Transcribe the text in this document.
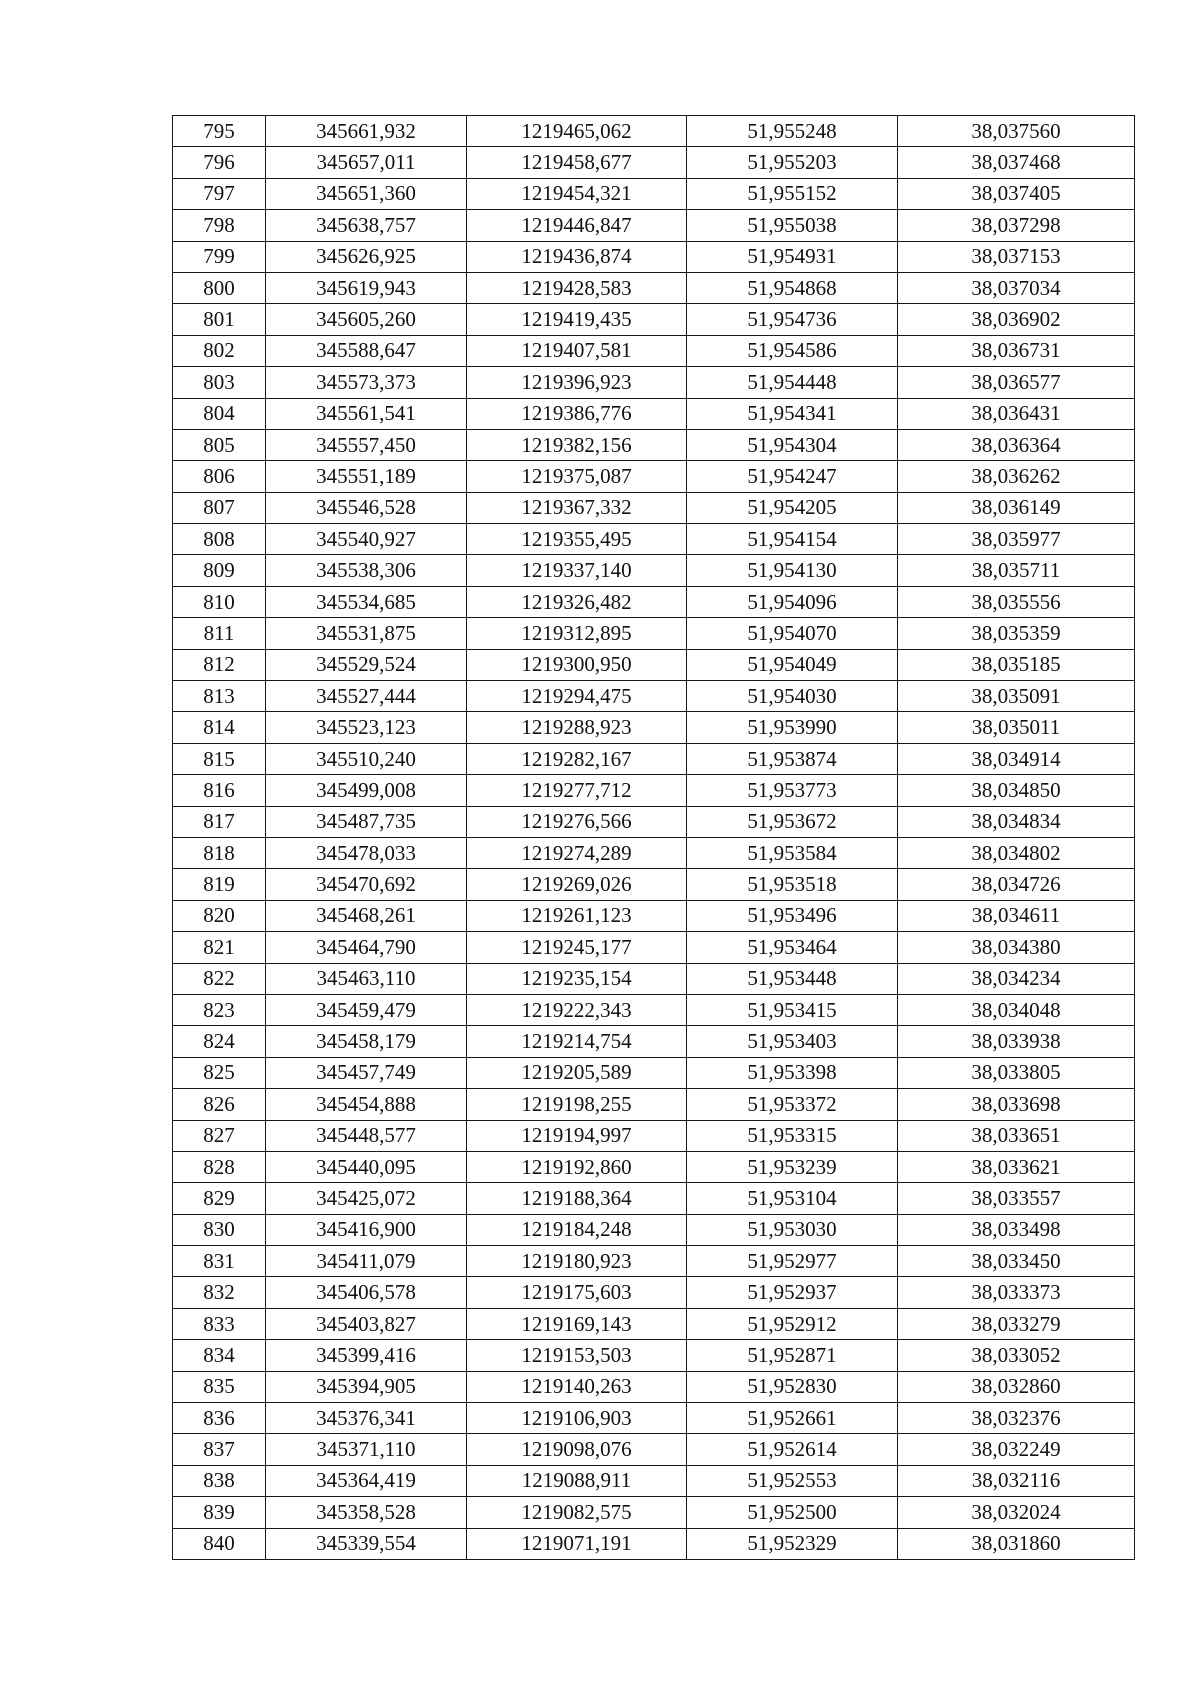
795	345661,932	1219465,062	51,955248	38,037560
796	345657,011	1219458,677	51,955203	38,037468
797	345651,360	1219454,321	51,955152	38,037405
798	345638,757	1219446,847	51,955038	38,037298
799	345626,925	1219436,874	51,954931	38,037153
800	345619,943	1219428,583	51,954868	38,037034
801	345605,260	1219419,435	51,954736	38,036902
802	345588,647	1219407,581	51,954586	38,036731
803	345573,373	1219396,923	51,954448	38,036577
804	345561,541	1219386,776	51,954341	38,036431
805	345557,450	1219382,156	51,954304	38,036364
806	345551,189	1219375,087	51,954247	38,036262
807	345546,528	1219367,332	51,954205	38,036149
808	345540,927	1219355,495	51,954154	38,035977
809	345538,306	1219337,140	51,954130	38,035711
810	345534,685	1219326,482	51,954096	38,035556
811	345531,875	1219312,895	51,954070	38,035359
812	345529,524	1219300,950	51,954049	38,035185
813	345527,444	1219294,475	51,954030	38,035091
814	345523,123	1219288,923	51,953990	38,035011
815	345510,240	1219282,167	51,953874	38,034914
816	345499,008	1219277,712	51,953773	38,034850
817	345487,735	1219276,566	51,953672	38,034834
818	345478,033	1219274,289	51,953584	38,034802
819	345470,692	1219269,026	51,953518	38,034726
820	345468,261	1219261,123	51,953496	38,034611
821	345464,790	1219245,177	51,953464	38,034380
822	345463,110	1219235,154	51,953448	38,034234
823	345459,479	1219222,343	51,953415	38,034048
824	345458,179	1219214,754	51,953403	38,033938
825	345457,749	1219205,589	51,953398	38,033805
826	345454,888	1219198,255	51,953372	38,033698
827	345448,577	1219194,997	51,953315	38,033651
828	345440,095	1219192,860	51,953239	38,033621
829	345425,072	1219188,364	51,953104	38,033557
830	345416,900	1219184,248	51,953030	38,033498
831	345411,079	1219180,923	51,952977	38,033450
832	345406,578	1219175,603	51,952937	38,033373
833	345403,827	1219169,143	51,952912	38,033279
834	345399,416	1219153,503	51,952871	38,033052
835	345394,905	1219140,263	51,952830	38,032860
836	345376,341	1219106,903	51,952661	38,032376
837	345371,110	1219098,076	51,952614	38,032249
838	345364,419	1219088,911	51,952553	38,032116
839	345358,528	1219082,575	51,952500	38,032024
840	345339,554	1219071,191	51,952329	38,031860
